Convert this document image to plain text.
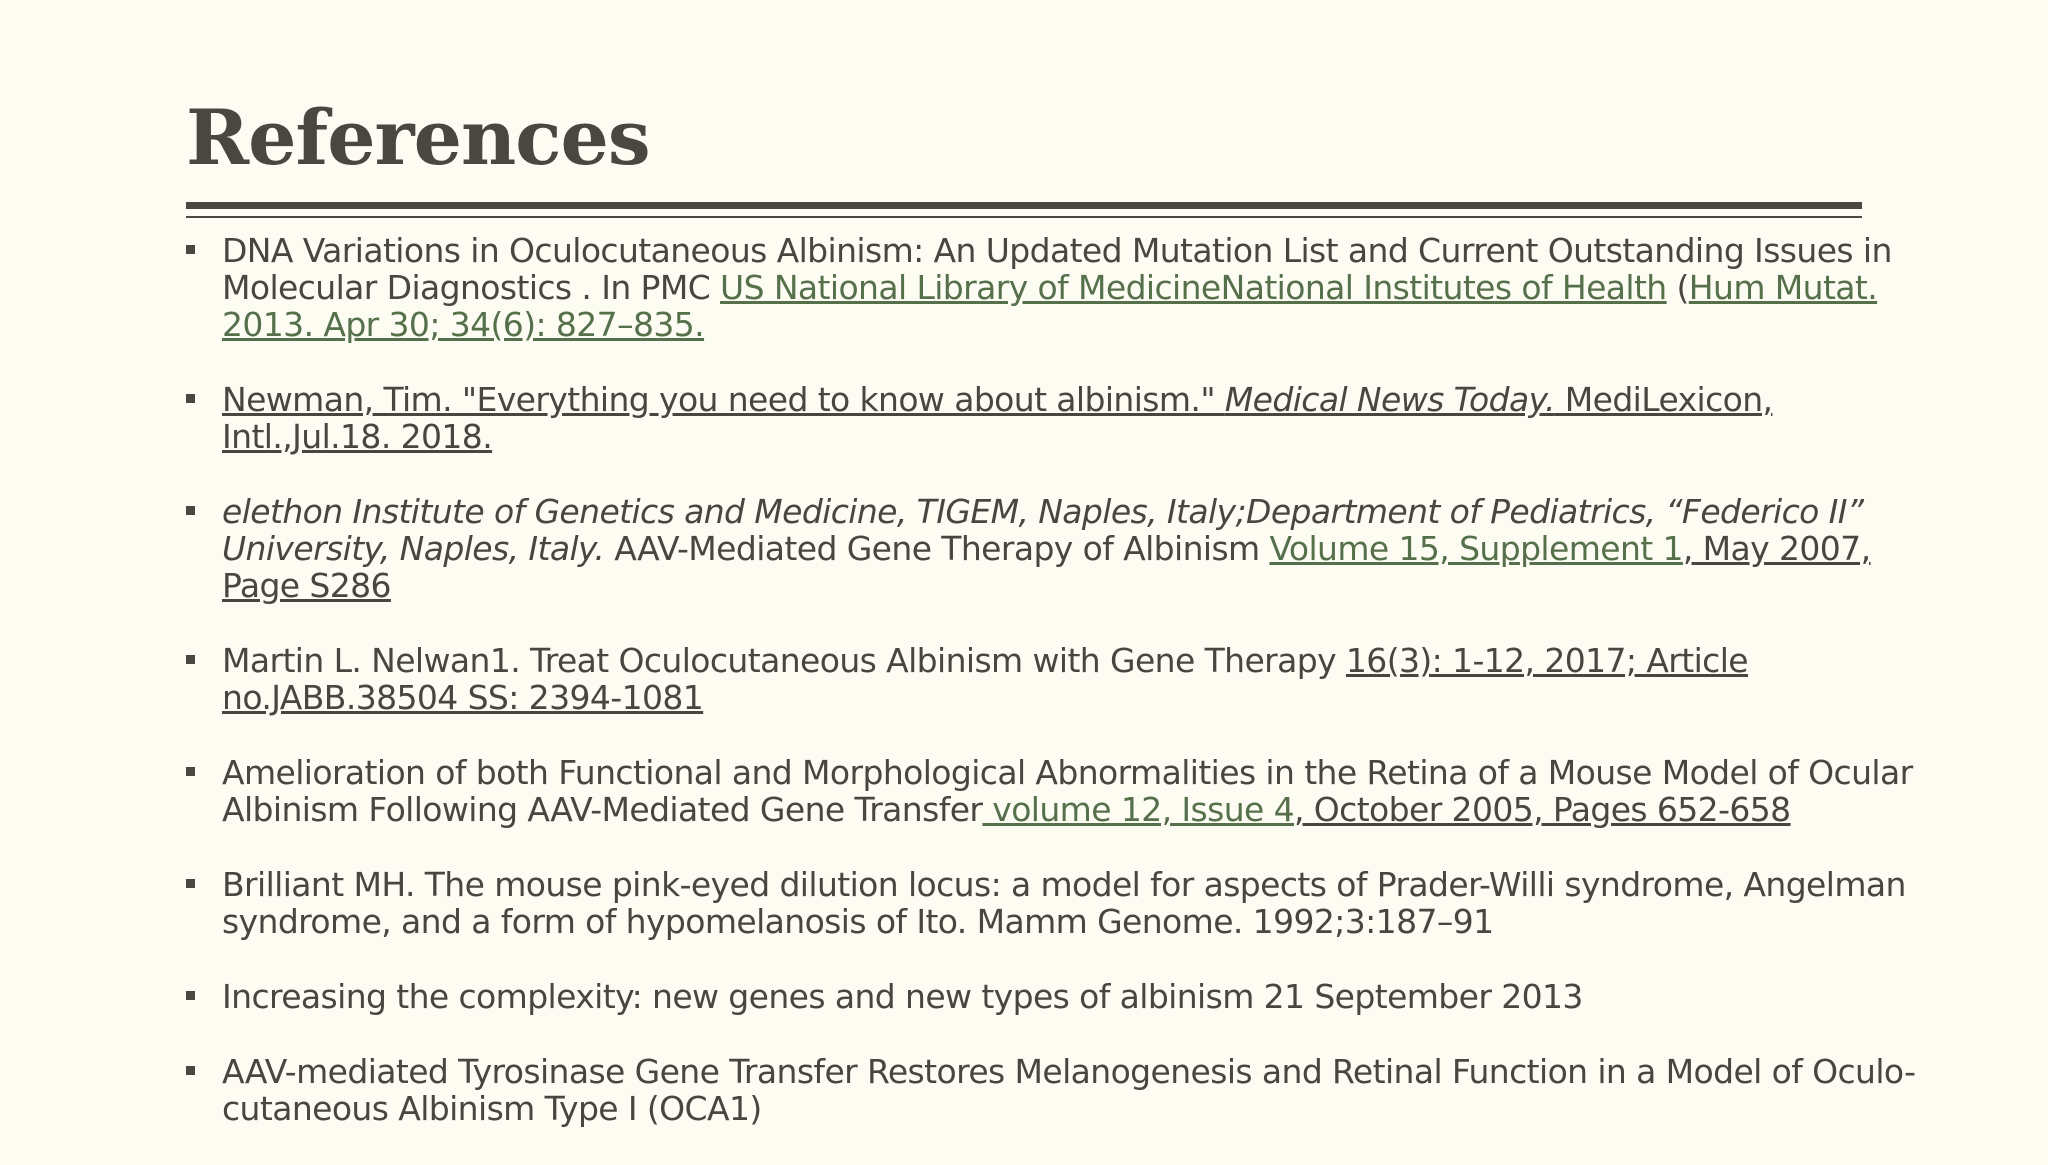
References
DNA Variations in Oculocutaneous Albinism: An Updated Mutation List and Current Outstanding Issues in Molecular Diagnostics . In PMC US National Library of MedicineNational Institutes of Health (Hum Mutat. 2013. Apr 30; 34(6): 827–835.
Newman, Tim. "Everything you need to know about albinism." Medical News Today. MediLexicon, Intl.,Jul.18. 2018.
elethon Institute of Genetics and Medicine, TIGEM, Naples, Italy;Department of Pediatrics, “Federico II” University, Naples, Italy. AAV-Mediated Gene Therapy of Albinism Volume 15, Supplement 1, May 2007, Page S286
Martin L. Nelwan1. Treat Oculocutaneous Albinism with Gene Therapy 16(3): 1-12, 2017; Article no.JABB.38504 SS: 2394-1081
Amelioration of both Functional and Morphological Abnormalities in the Retina of a Mouse Model of Ocular Albinism Following AAV-Mediated Gene Transfer volume 12, Issue 4, October 2005, Pages 652-658
Brilliant MH. The mouse pink-eyed dilution locus: a model for aspects of Prader-Willi syndrome, Angelman syndrome, and a form of hypomelanosis of Ito. Mamm Genome. 1992;3:187–91
Increasing the complexity: new genes and new types of albinism 21 September 2013
AAV-mediated Tyrosinase Gene Transfer Restores Melanogenesis and Retinal Function in a Model of Oculo-cutaneous Albinism Type I (OCA1)
